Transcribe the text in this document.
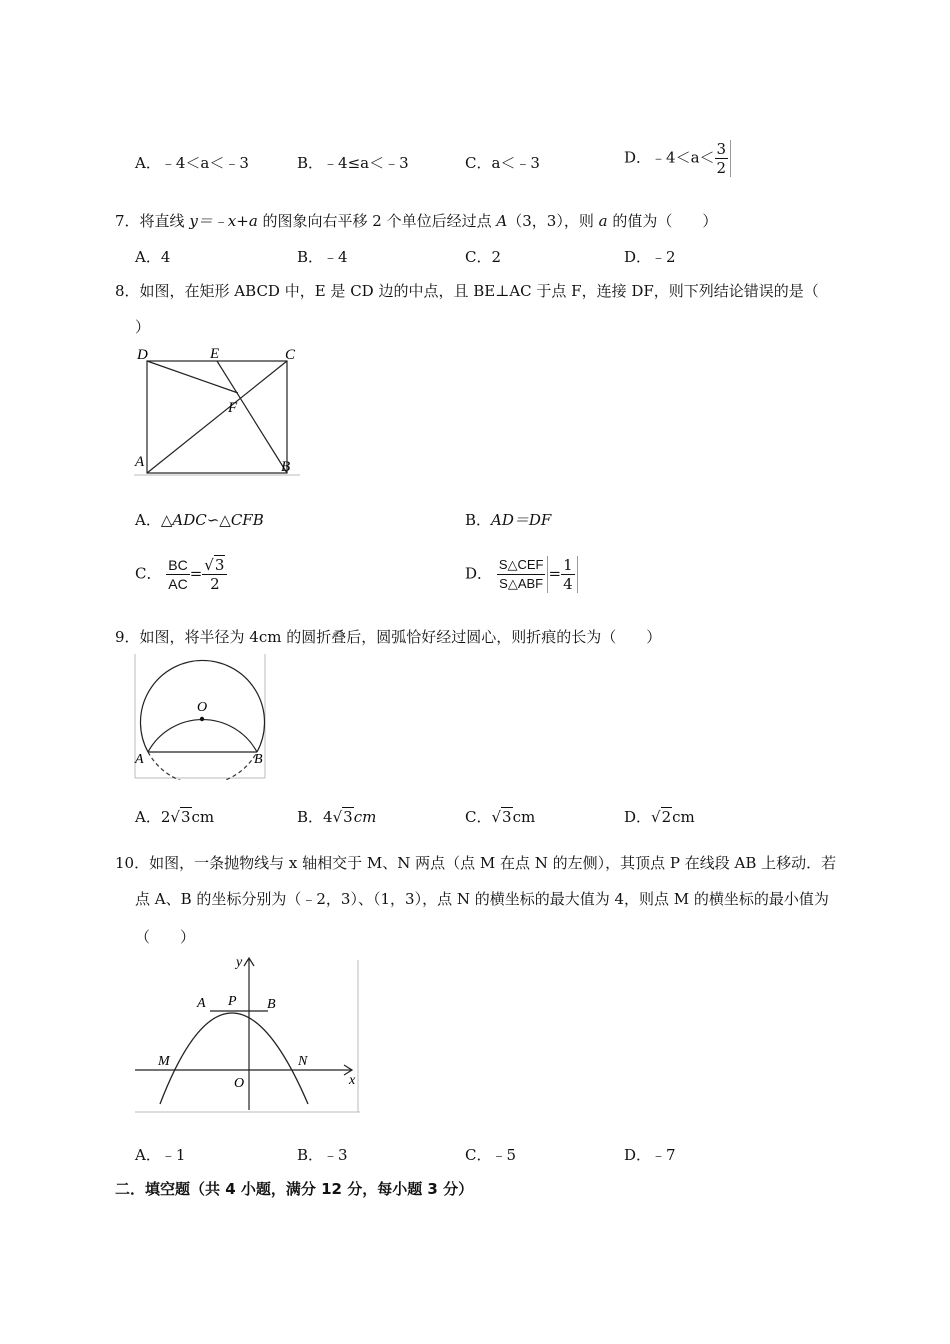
A．﹣4＜a＜﹣3	B．﹣4≤a＜﹣3	C．a＜﹣3	D．﹣4＜a＜ $\frac{3}{2}$
7．将直线 y＝﹣x+a 的图象向右平移 2 个单位后经过点 A（3，3），则 a 的值为（　　）
A．4	B．﹣4	C．2	D．﹣2
8．如图，在矩形 ABCD 中，E 是 CD 边的中点，且 BE⊥AC 于点 F，连接 DF，则下列结论错误的是（
）
D	E	C
F
A	B
A．△ADC∽△CFB	B．AD＝DF
C． $\frac{BC}{AC} = \frac{√3}{2}$	D． $\frac{\text{S△CEF}}{\text{S△ABF}} = \frac{1}{4}$
9．如图，将半径为 4cm 的圆折叠后，圆弧恰好经过圆心，则折痕的长为（　　）
O
A	B
A．2√3cm	B．4√3cm	C．√3cm	D．√2cm
10．如图，一条抛物线与 x 轴相交于 M、N 两点（点 M 在点 N 的左侧），其顶点 P 在线段 AB 上移动．若
点 A、B 的坐标分别为（﹣2，3）、（1，3），点 N 的横坐标的最大值为 4，则点 M 的横坐标的最小值为
（　　）
y
x
O
A P B
M	N
A．﹣1	B．﹣3	C．﹣5	D．﹣7
二．填空题（共 4 小题，满分 12 分，每小题 3 分）
